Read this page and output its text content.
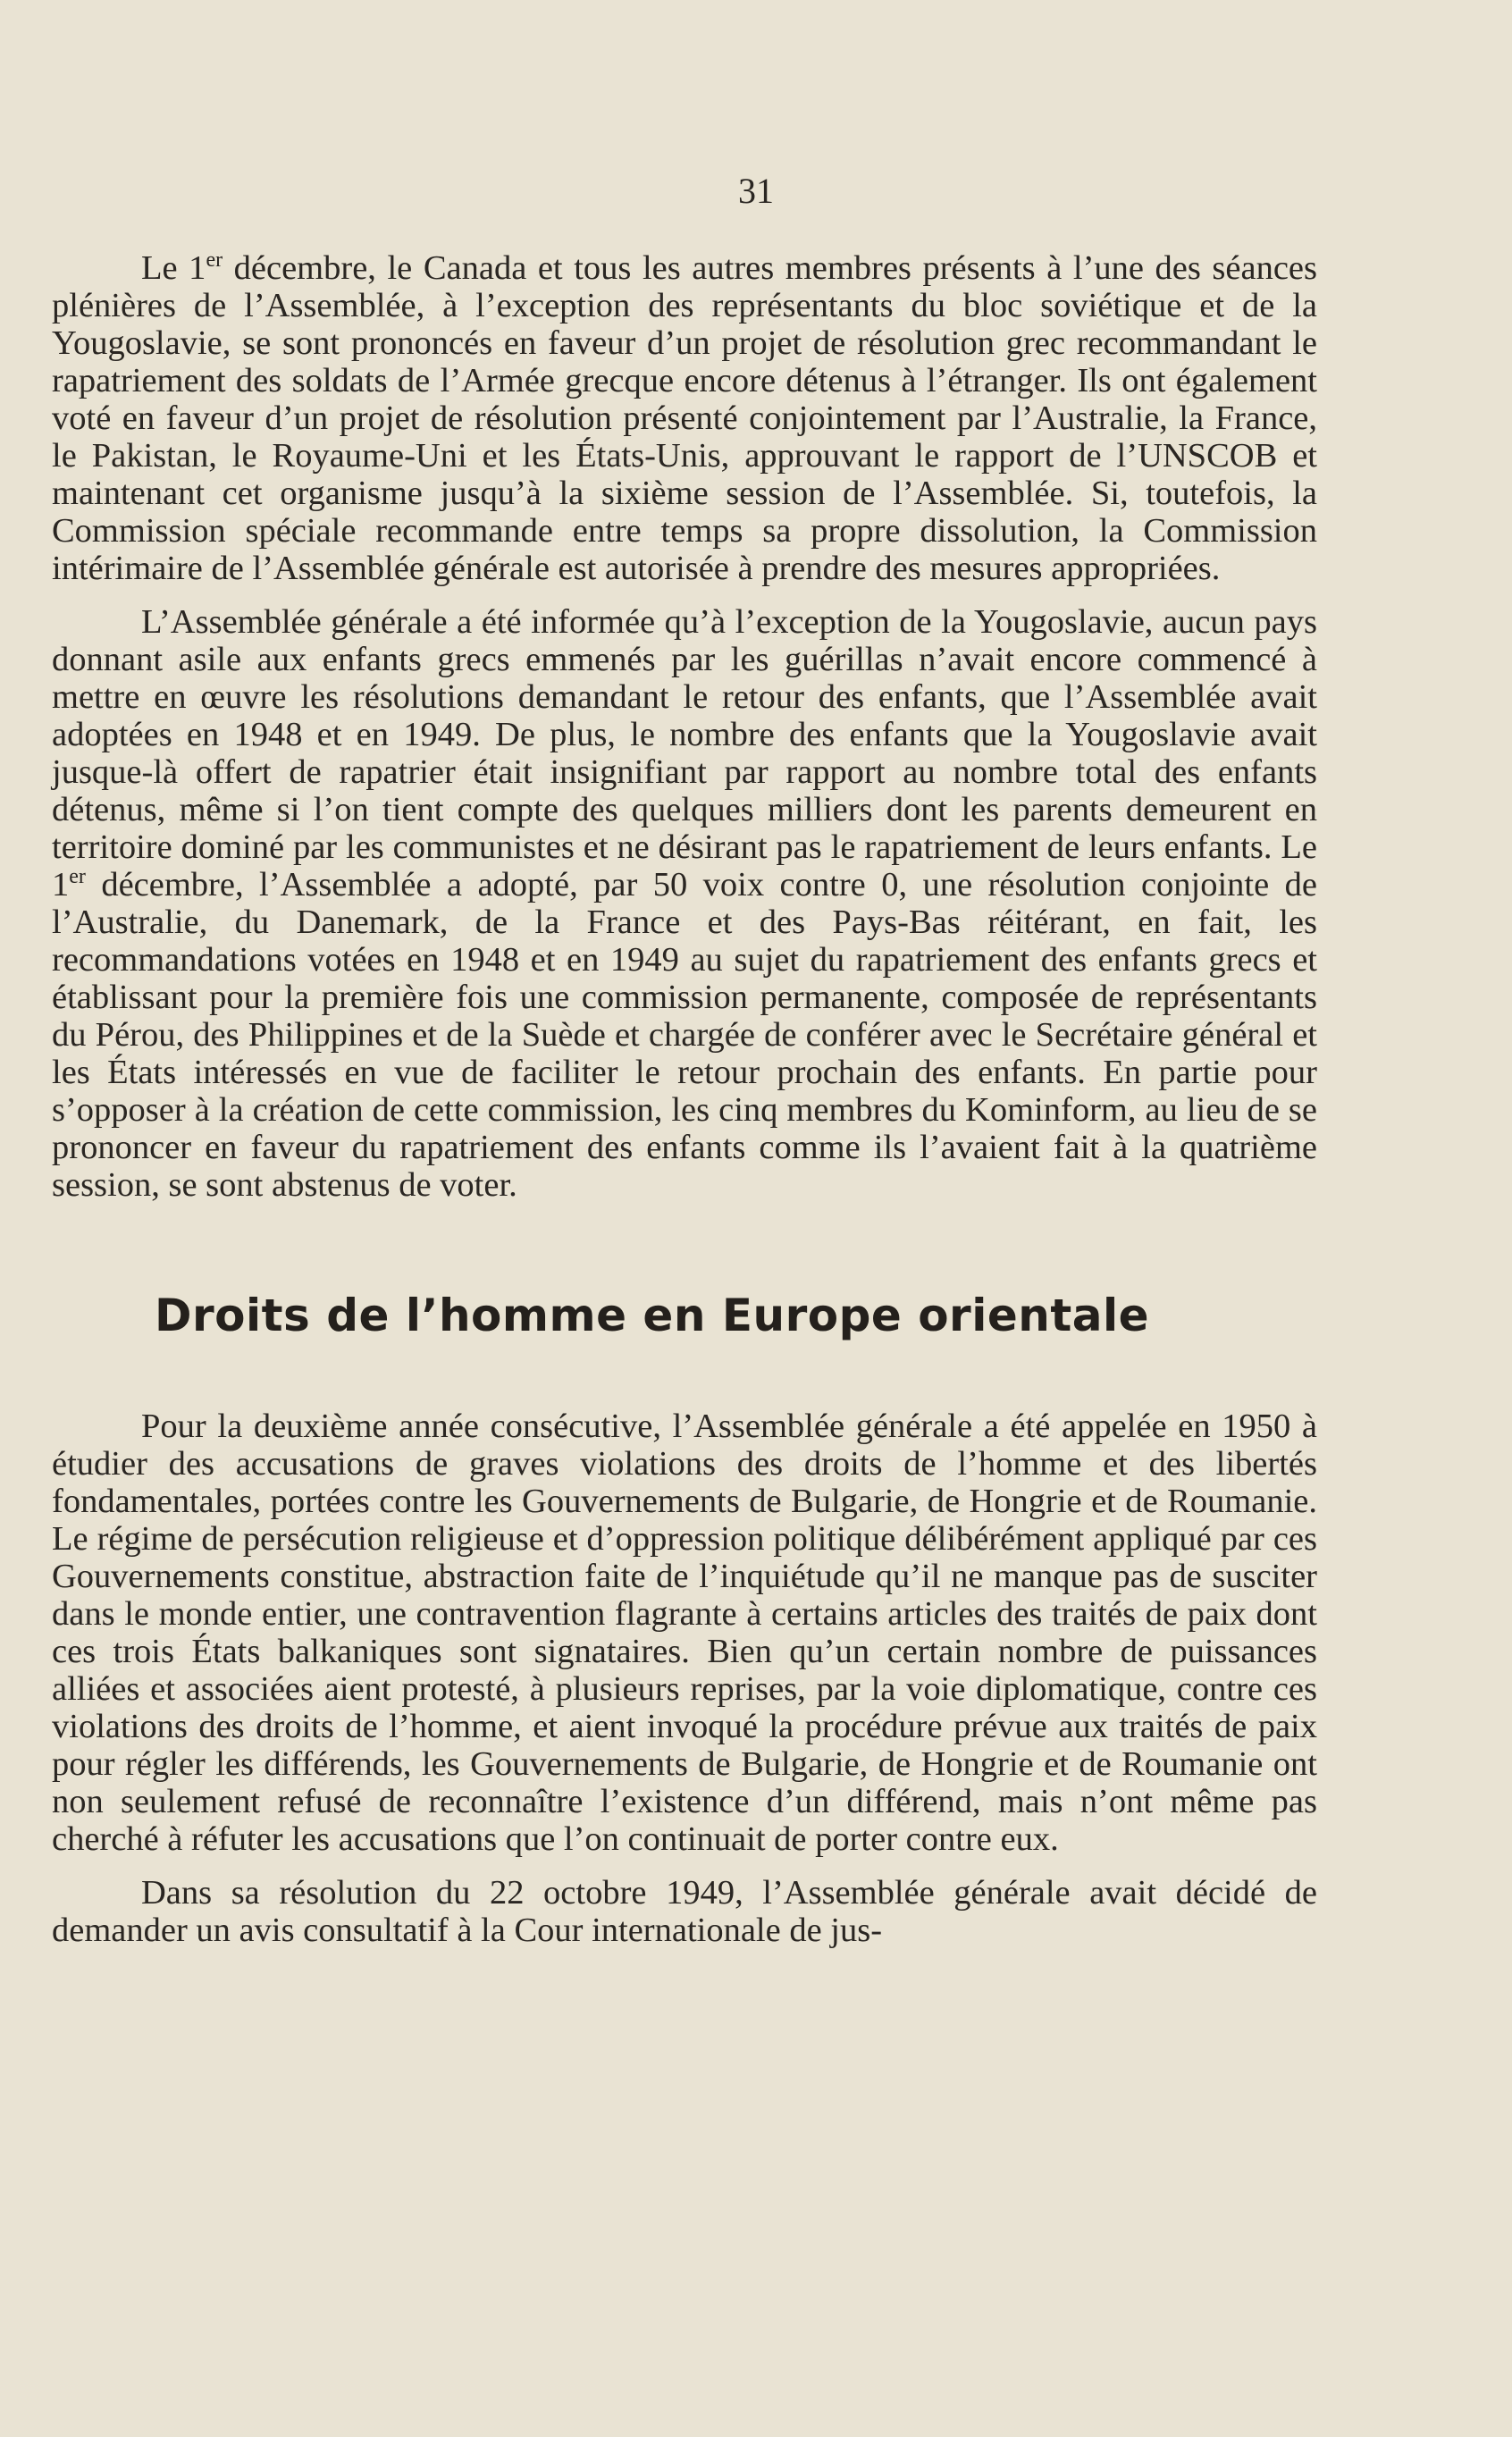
31

Le 1er décembre, le Canada et tous les autres membres présents à l’une des séances plénières de l’Assemblée, à l’exception des représentants du bloc soviétique et de la Yougoslavie, se sont prononcés en faveur d’un projet de résolution grec recommandant le rapatriement des soldats de l’Armée grecque encore détenus à l’étranger. Ils ont également voté en faveur d’un projet de résolution présenté conjointement par l’Australie, la France, le Pakistan, le Royaume-Uni et les États-Unis, approuvant le rapport de l’UNSCOB et maintenant cet organisme jusqu’à la sixième session de l’Assemblée. Si, toutefois, la Commission spéciale recommande entre temps sa propre dissolution, la Commission intérimaire de l’Assemblée générale est autorisée à prendre des mesures appropriées.

L’Assemblée générale a été informée qu’à l’exception de la Yougoslavie, aucun pays donnant asile aux enfants grecs emmenés par les guérillas n’avait encore commencé à mettre en œuvre les résolutions demandant le retour des enfants, que l’Assemblée avait adoptées en 1948 et en 1949. De plus, le nombre des enfants que la Yougoslavie avait jusque-là offert de rapatrier était insignifiant par rapport au nombre total des enfants détenus, même si l’on tient compte des quelques milliers dont les parents demeurent en territoire dominé par les communistes et ne désirant pas le rapatriement de leurs enfants. Le 1er décembre, l’Assemblée a adopté, par 50 voix contre 0, une résolution conjointe de l’Australie, du Danemark, de la France et des Pays-Bas réitérant, en fait, les recommandations votées en 1948 et en 1949 au sujet du rapatriement des enfants grecs et établissant pour la première fois une commission permanente, composée de représentants du Pérou, des Philippines et de la Suède et chargée de conférer avec le Secrétaire général et les États intéressés en vue de faciliter le retour prochain des enfants. En partie pour s’opposer à la création de cette commission, les cinq membres du Kominform, au lieu de se prononcer en faveur du rapatriement des enfants comme ils l’avaient fait à la quatrième session, se sont abstenus de voter.

Droits de l’homme en Europe orientale

Pour la deuxième année consécutive, l’Assemblée générale a été appelée en 1950 à étudier des accusations de graves violations des droits de l’homme et des libertés fondamentales, portées contre les Gouvernements de Bulgarie, de Hongrie et de Roumanie. Le régime de persécution religieuse et d’oppression politique délibérément appliqué par ces Gouvernements constitue, abstraction faite de l’inquiétude qu’il ne manque pas de susciter dans le monde entier, une contravention flagrante à certains articles des traités de paix dont ces trois États balkaniques sont signataires. Bien qu’un certain nombre de puissances alliées et associées aient protesté, à plusieurs reprises, par la voie diplomatique, contre ces violations des droits de l’homme, et aient invoqué la procédure prévue aux traités de paix pour régler les différends, les Gouvernements de Bulgarie, de Hongrie et de Roumanie ont non seulement refusé de reconnaître l’existence d’un différend, mais n’ont même pas cherché à réfuter les accusations que l’on continuait de porter contre eux.

Dans sa résolution du 22 octobre 1949, l’Assemblée générale avait décidé de demander un avis consultatif à la Cour internationale de jus-
